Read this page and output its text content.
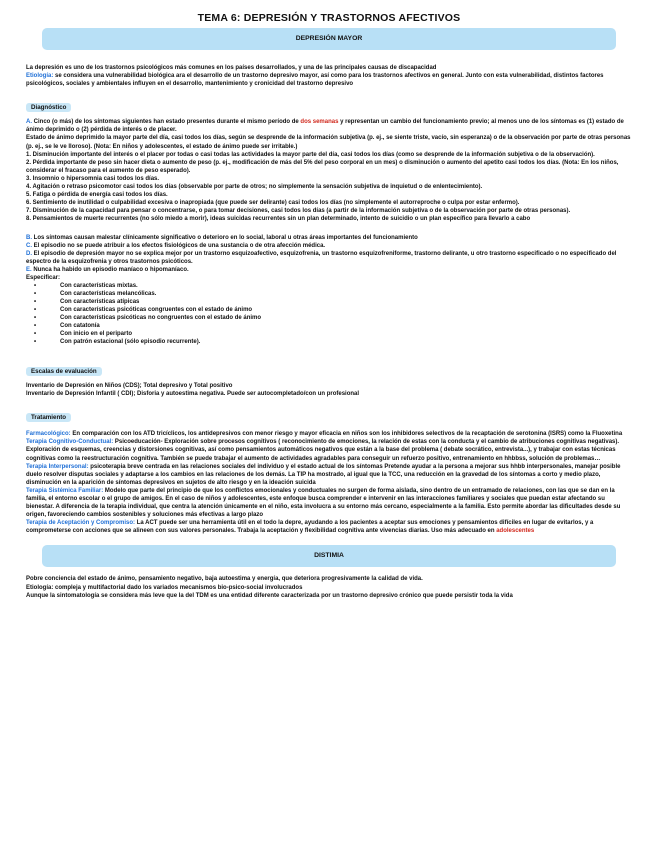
TEMA 6: DEPRESIÓN Y TRASTORNOS AFECTIVOS
DEPRESIÓN MAYOR

La depresión es uno de los trastornos psicológicos más comunes en los países desarrollados, y una de las principales causas de discapacidad
Etiología: se considera una vulnerabilidad biológica ara el desarrollo de un trastorno depresivo mayor, así como para los trastornos afectivos en general. Junto con esta vulnerabilidad, distintos factores psicológicos, sociales y ambientales influyen en el desarrollo, mantenimiento y cronicidad del trastorno depresivo

Diagnóstico

A. Cinco (o más) de los síntomas siguientes han estado presentes durante el mismo período de dos semanas y representan un cambio del funcionamiento previo; al menos uno de los síntomas es (1) estado de ánimo deprimido o (2) pérdida de interés o de placer.

Estado de ánimo deprimido la mayor parte del día, casi todos los días, según se desprende de la información subjetiva (p. ej., se siente triste, vacío, sin esperanza) o de la observación por parte de otras personas (p. ej., se le ve lloroso). (Nota: En niños y adolescentes, el estado de ánimo puede ser irritable.)

1. Disminución importante del interés o el placer por todas o casi todas las actividades la mayor parte del día, casi todos los días (como se desprende de la información subjetiva o de la observación).

2. Pérdida importante de peso sin hacer dieta o aumento de peso (p. ej., modificación de más del 5% del peso corporal en un mes) o disminución o aumento del apetito casi todos los días. (Nota: En los niños, considerar el fracaso para el aumento de peso esperado).

3. Insomnio o hipersomnia casi todos los días.

4. Agitación o retraso psicomotor casi todos los días (observable por parte de otros; no simplemente la sensación subjetiva de inquietud o de enlentecimiento).

5. Fatiga o pérdida de energía casi todos los días.

6. Sentimiento de inutilidad o culpabilidad excesiva o inapropiada (que puede ser delirante) casi todos los días (no simplemente el autorreproche o culpa por estar enfermo).

7. Disminución de la capacidad para pensar o concentrarse, o para tomar decisiones, casi todos los días (a partir de la información subjetiva o de la observación por parte de otras personas).

8. Pensamientos de muerte recurrentes (no sólo miedo a morir), ideas suicidas recurrentes sin un plan determinado, intento de suicidio o un plan específico para llevarlo a cabo

B. Los síntomas causan malestar clínicamente significativo o deterioro en lo social, laboral u otras áreas importantes del funcionamiento

C. El episodio no se puede atribuir a los efectos fisiológicos de una sustancia o de otra afección médica.

D. El episodio de depresión mayor no se explica mejor por un trastorno esquizoafectivo, esquizofrenia, un trastorno esquizofreniforme, trastorno delirante, u otro trastorno especificado o no especificado del espectro de la esquizofrenia y otros trastornos psicóticos.

E. Nunca ha habido un episodio maníaco o hipomaníaco.

Especificar:

• Con características mixtas.
• Con características melancólicas.
• Con características atípicas
• Con características psicóticas congruentes con el estado de ánimo
• Con características psicóticas no congruentes con el estado de ánimo
• Con catatonía
• Con inicio en el periparto
• Con patrón estacional (sólo episodio recurrente).
Escalas de evaluación

Inventario de Depresión en Niños (CDS); Total depresivo y Total positivo

Inventario de Depresión Infantil ( CDI); Disforia y autoestima negativa. Puede ser autocompletado/con un profesional

Tratamiento

Farmacológico: En comparación con los ATD tricíclicos, los antidepresivos con menor riesgo y mayor eficacia en niños son los inhibidores selectivos de la recaptación de serotonina (ISRS) como la Fluoxetina

Terapia Cognitivo-Conductual: Psicoeducación- Exploración sobre procesos cognitivos ( reconocimiento de emociones, la relación de estas con la conducta y el cambio de atribuciones cognitivas negativas). Exploración de esquemas, creencias y distorsiones cognitivas, así como pensamientos automáticos negativos que están a la base del problema ( debate socrático, entrevista...), y trabajar con estas técnicas cognitivas como la reestructuración cognitiva. También se puede trabajar el aumento de actividades agradables para conseguir un refuerzo positivo, entrenamiento en hhbbss, solución de problemas…

Terapia Interpersonal: psicoterapia breve centrada en las relaciones sociales del individuo y el estado actual de los síntomas Pretende ayudar a la persona a mejorar sus hhbb interpersonales, manejar posible duelo resolver disputas sociales y adaptarse a los cambios en las relaciones de los demás. La TIP ha mostrado, al igual que la TCC, una reducción en la gravedad de los síntomas a corto y medio plazo, disminución en la aparición de síntomas depresivos en sujetos de alto riesgo y en la ideación suicida

Terapia Sistémica Familiar: Modelo que parte del principio de que los conflictos emocionales y conductuales no surgen de forma aislada, sino dentro de un entramado de relaciones, con las que se dan en la familia, el entorno escolar o el grupo de amigos. En el caso de niños y adolescentes, este enfoque busca comprender e intervenir en las interacciones familiares y sociales que puedan estar afectando su bienestar. A diferencia de la terapia individual, que centra la atención únicamente en el niño, esta involucra a su entorno más cercano, especialmente a la familia. Esto permite abordar las dificultades desde su origen, favoreciendo cambios sostenibles y soluciones más efectivas a largo plazo

Terapia de Aceptación y Compromiso: La ACT puede ser una herramienta útil en el todo la depre, ayudando a los pacientes a aceptar sus emociones y pensamientos difíciles en lugar de evitarlos, y a comprometerse con acciones que se alineen con sus valores personales. Trabaja la aceptación y flexibilidad cognitiva ante vivencias diarias. Uso más adecuado en adolescentes

DISTIMIA

Pobre conciencia del estado de ánimo, pensamiento negativo, baja autoestima y energía, que deteriora progresivamente la calidad de vida.

Etiología: compleja y multifactorial dado los variados mecanismos bio-psico-social involucrados

Aunque la sintomatología se considera más leve que la del TDM es una entidad diferente caracterizada por un trastorno depresivo crónico que puede persistir toda la vida
